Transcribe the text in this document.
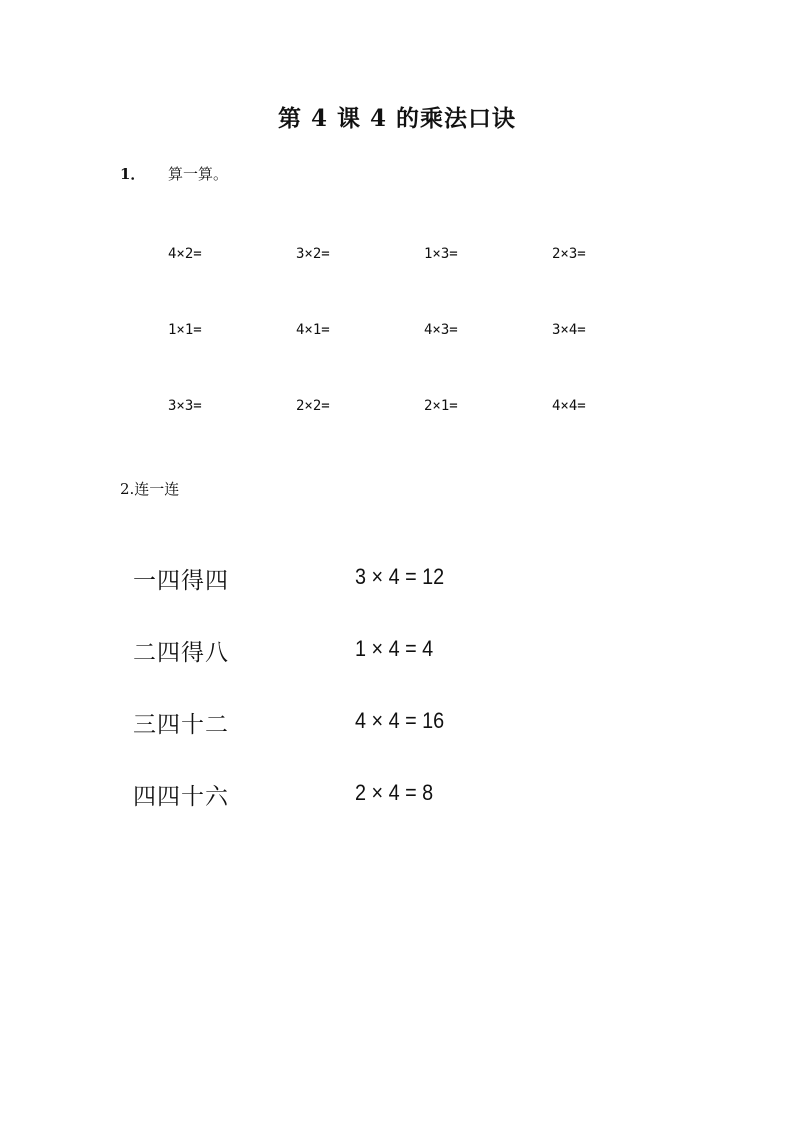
第 4 课 4 的乘法口诀
1． 算一算。
4×2=	3×2=	1×3=	2×3=
1×1=	4×1=	4×3=	3×4=
3×3=	2×2=	2×1=	4×4=
2.连一连
一四得四	3 × 4 = 12
二四得八	1 × 4 = 4
三四十二	4 × 4 = 16
四四十六	2 × 4 = 8
